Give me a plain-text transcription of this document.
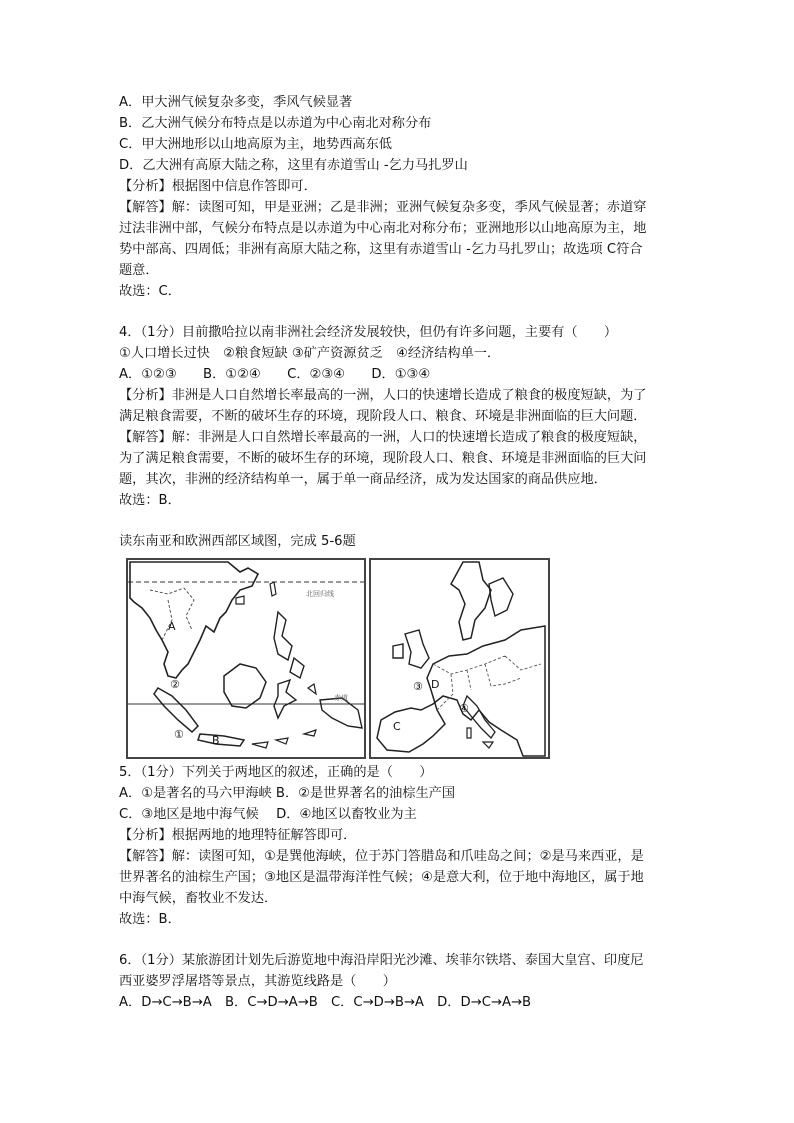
A．甲大洲气候复杂多变，季风气候显著
B．乙大洲气候分布特点是以赤道为中心南北对称分布
C．甲大洲地形以山地高原为主，地势西高东低
D．乙大洲有高原大陆之称，这里有赤道雪山 -乞力马扎罗山
【分析】根据图中信息作答即可．
【解答】解：读图可知，甲是亚洲；乙是非洲；亚洲气候复杂多变，季风气候显著；赤道穿
过法非洲中部，气候分布特点是以赤道为中心南北对称分布；亚洲地形以山地高原为主，地
势中部高、四周低；非洲有高原大陆之称，这里有赤道雪山 -乞力马扎罗山；故选项 C符合
题意．
故选：C．
4．（1分）目前撒哈拉以南非洲社会经济发展较快，但仍有许多问题，主要有（　　）
①人口增长过快　②粮食短缺 ③矿产资源贫乏　④经济结构单一．
A．①②③　　B．①②④　　C．②③④　　D．①③④
【分析】非洲是人口自然增长率最高的一洲，人口的快速增长造成了粮食的极度短缺，为了
满足粮食需要，不断的破坏生存的环境，现阶段人口、粮食、环境是非洲面临的巨大问题．
【解答】解：非洲是人口自然增长率最高的一洲，人口的快速增长造成了粮食的极度短缺，
为了满足粮食需要，不断的破坏生存的环境，现阶段人口、粮食、环境是非洲面临的巨大问
题，其次，非洲的经济结构单一，属于单一商品经济，成为发达国家的商品供应地．
故选：B．
读东南亚和欧洲西部区域图，完成 5-6题
北回归线
赤道
A
B
②
①
③ D
C
④
5．（1分）下列关于两地区的叙述，正确的是（　　）
A．①是著名的马六甲海峡 B．②是世界著名的油棕生产国
C．③地区是地中海气候　 D．④地区以畜牧业为主
【分析】根据两地的地理特征解答即可．
【解答】解：读图可知，①是巽他海峡，位于苏门答腊岛和爪哇岛之间；②是马来西亚，是
世界著名的油棕生产国；③地区是温带海洋性气候；④是意大利，位于地中海地区，属于地
中海气候，畜牧业不发达．
故选：B．
6．（1分）某旅游团计划先后游览地中海沿岸阳光沙滩、埃菲尔铁塔、泰国大皇宫、印度尼
西亚婆罗浮屠塔等景点，其游览线路是（　　）
A．D→C→B→A　B．C→D→A→B　C．C→D→B→A　D．D→C→A→B
